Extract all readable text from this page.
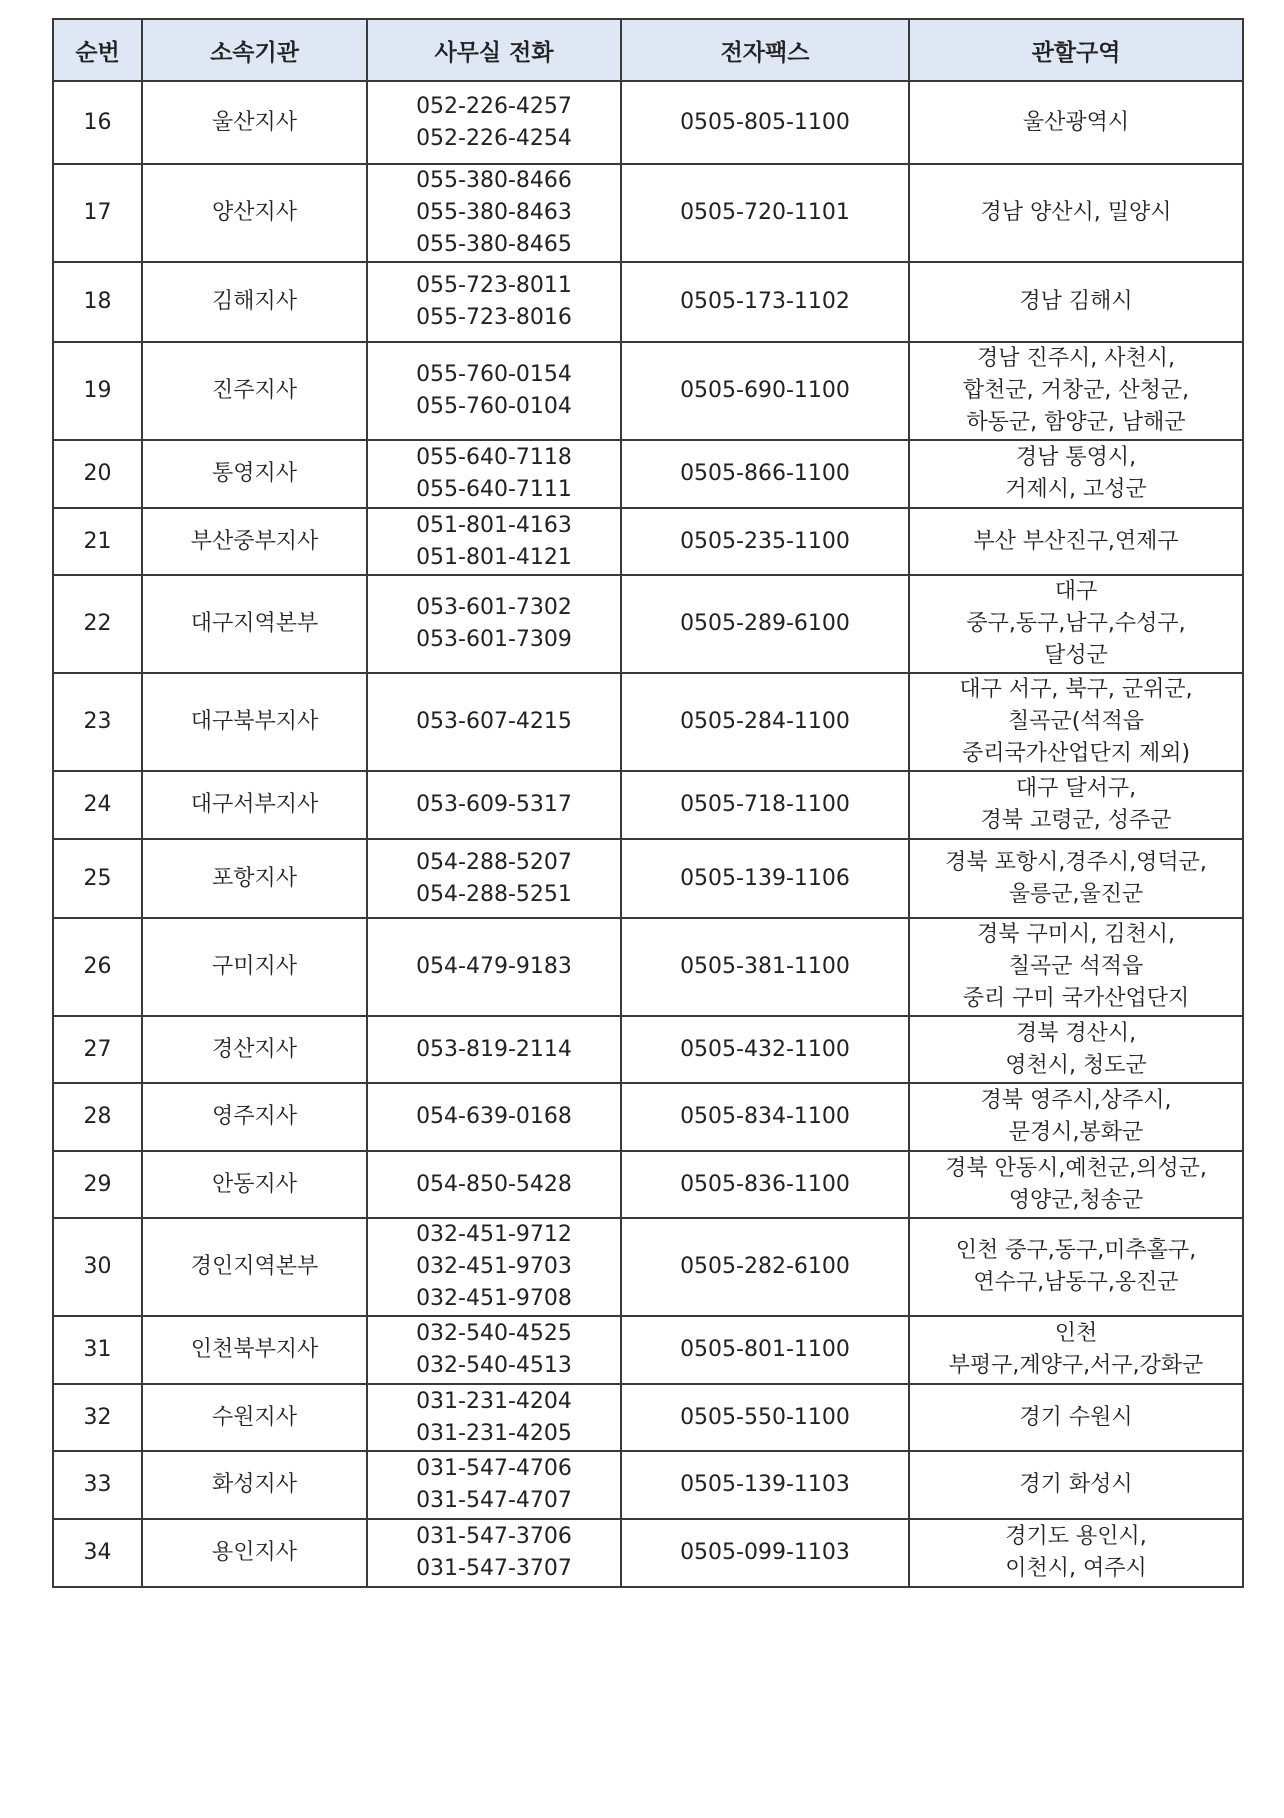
순번	소속기관	사무실 전화	전자팩스	관할구역
16	울산지사	052-226-4257
052-226-4254	0505-805-1100	울산광역시
17	양산지사	055-380-8466
055-380-8463
055-380-8465	0505-720-1101	경남 양산시, 밀양시
18	김해지사	055-723-8011
055-723-8016	0505-173-1102	경남 김해시
19	진주지사	055-760-0154
055-760-0104	0505-690-1100	경남 진주시, 사천시,
합천군, 거창군, 산청군,
하동군, 함양군, 남해군
20	통영지사	055-640-7118
055-640-7111	0505-866-1100	경남 통영시,
거제시, 고성군
21	부산중부지사	051-801-4163
051-801-4121	0505-235-1100	부산 부산진구,연제구
22	대구지역본부	053-601-7302
053-601-7309	0505-289-6100	대구
중구,동구,남구,수성구,
달성군
23	대구북부지사	053-607-4215	0505-284-1100	대구 서구, 북구, 군위군,
칠곡군(석적읍
중리국가산업단지 제외)
24	대구서부지사	053-609-5317	0505-718-1100	대구 달서구,
경북 고령군, 성주군
25	포항지사	054-288-5207
054-288-5251	0505-139-1106	경북 포항시,경주시,영덕군,
울릉군,울진군
26	구미지사	054-479-9183	0505-381-1100	경북 구미시, 김천시,
칠곡군 석적읍
중리 구미 국가산업단지
27	경산지사	053-819-2114	0505-432-1100	경북 경산시,
영천시, 청도군
28	영주지사	054-639-0168	0505-834-1100	경북 영주시,상주시,
문경시,봉화군
29	안동지사	054-850-5428	0505-836-1100	경북 안동시,예천군,의성군,
영양군,청송군
30	경인지역본부	032-451-9712
032-451-9703
032-451-9708	0505-282-6100	인천 중구,동구,미추홀구,
연수구,남동구,옹진군
31	인천북부지사	032-540-4525
032-540-4513	0505-801-1100	인천
부평구,계양구,서구,강화군
32	수원지사	031-231-4204
031-231-4205	0505-550-1100	경기 수원시
33	화성지사	031-547-4706
031-547-4707	0505-139-1103	경기 화성시
34	용인지사	031-547-3706
031-547-3707	0505-099-1103	경기도 용인시,
이천시, 여주시
